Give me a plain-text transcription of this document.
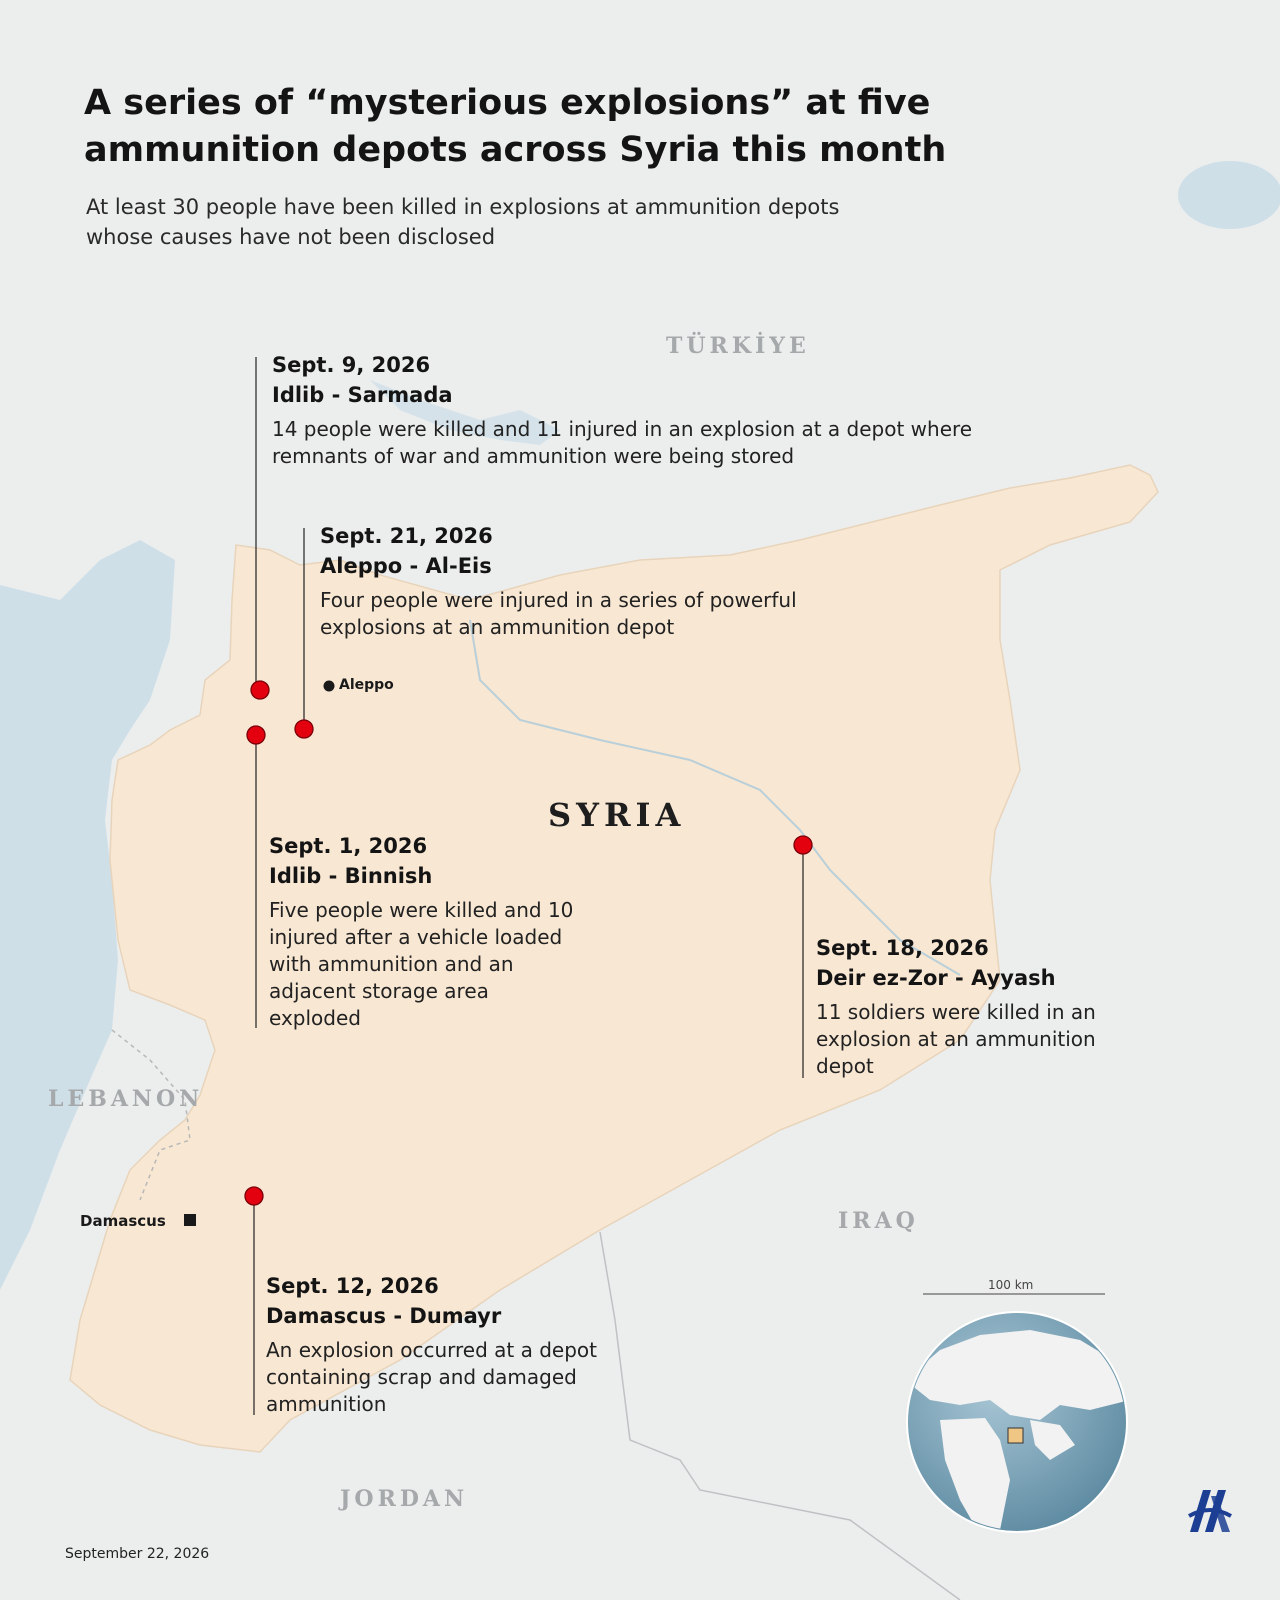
A series of “mysterious explosions” at five ammunition depots across Syria this month
At least 30 people have been killed in explosions at ammunition depots whose causes have not been disclosed
TÜRKİYE
SYRIA
LEBANON
IRAQ
JORDAN
Aleppo
Damascus
Sept. 9, 2026
Idlib - Sarmada
14 people were killed and 11 injured in an explosion at a depot where remnants of war and ammunition were being stored
Sept. 21, 2026
Aleppo - Al-Eis
Four people were injured in a series of powerful explosions at an ammunition depot
Sept. 1, 2026
Idlib - Binnish
Five people were killed and 10 injured after a vehicle loaded with ammunition and an adjacent storage area exploded
Sept. 18, 2026
Deir ez-Zor - Ayyash
11 soldiers were killed in an explosion at an ammunition depot
Sept. 12, 2026
Damascus - Dumayr
An explosion occurred at a depot containing scrap and damaged ammunition
100 km
September 22, 2026
